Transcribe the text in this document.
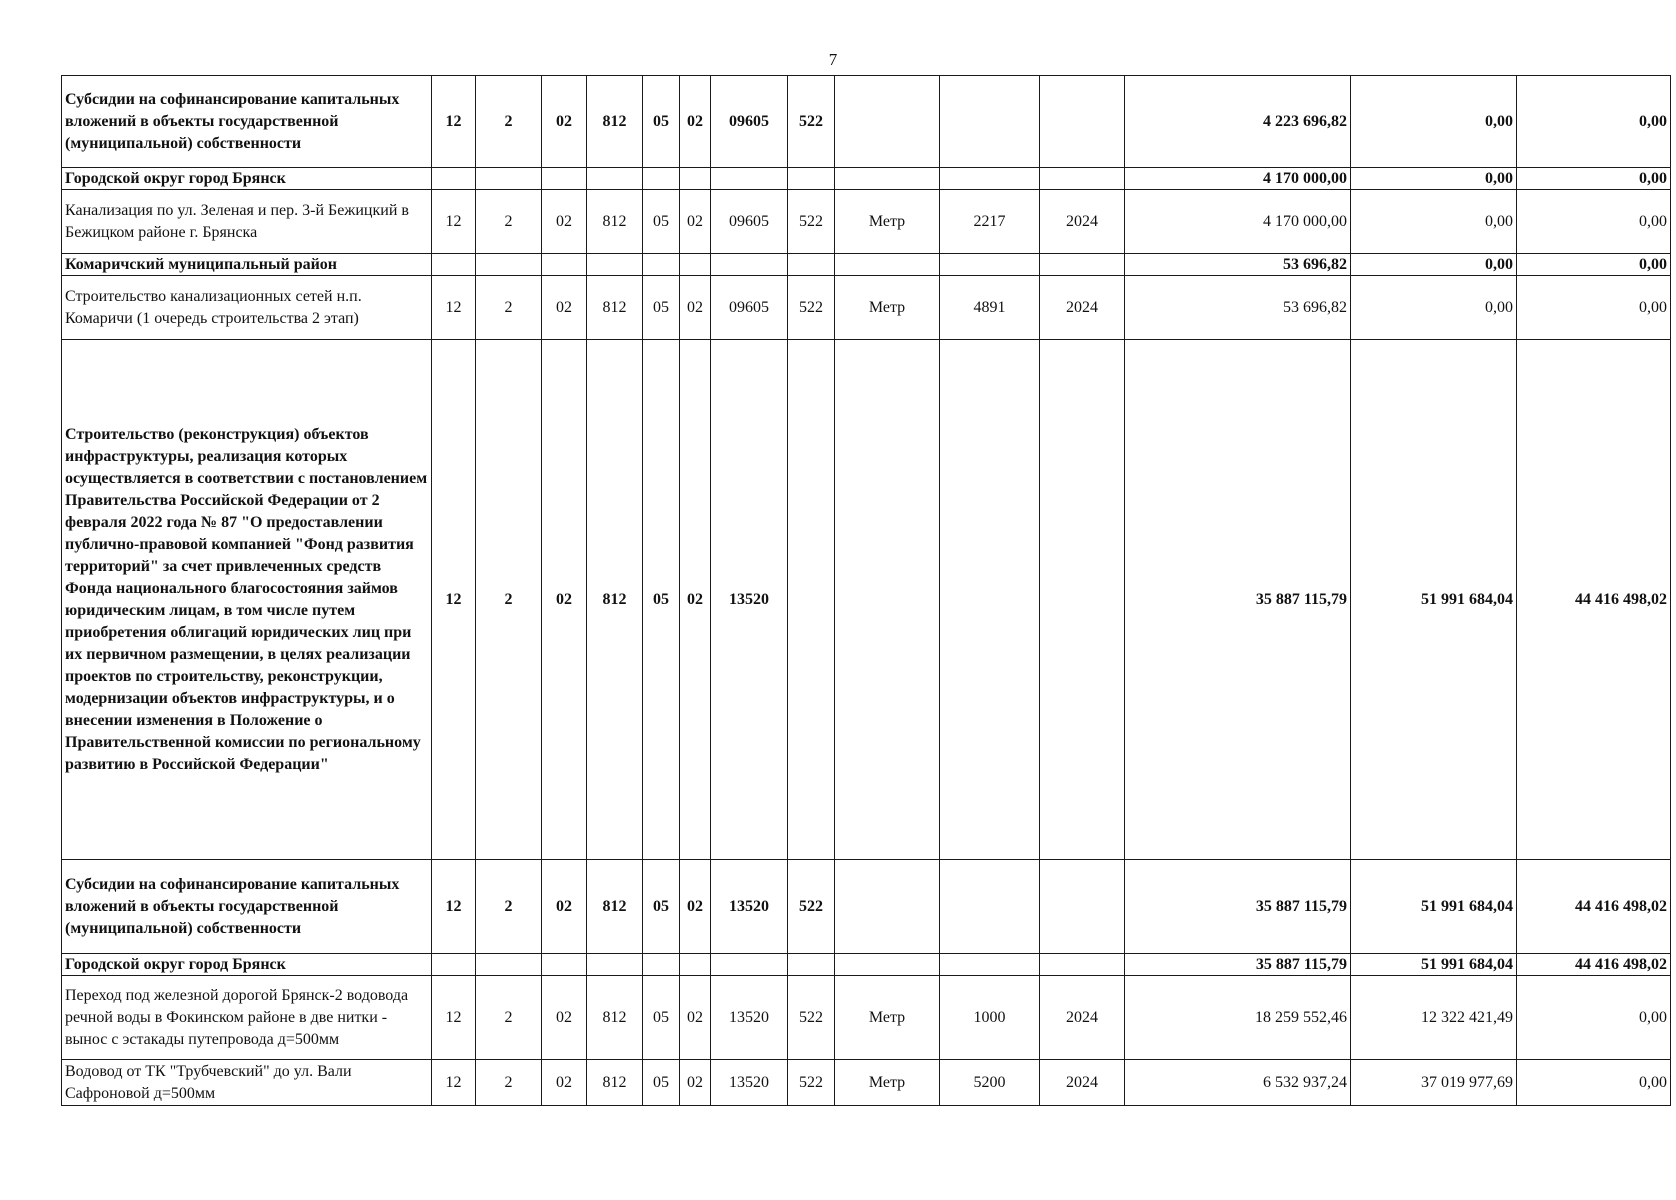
7
Субсидии на софинансирование капитальных вложений в объекты государственной (муниципальной) собственности	12	2	02	812	05	02	09605	522				4 223 696,82	0,00	0,00
Городской округ город Брянск												4 170 000,00	0,00	0,00
Канализация по ул. Зеленая и пер. 3-й Бежицкий в Бежицком районе г. Брянска	12	2	02	812	05	02	09605	522	Метр	2217	2024	4 170 000,00	0,00	0,00
Комаричский муниципальный район												53 696,82	0,00	0,00
Строительство канализационных сетей н.п. Комаричи (1 очередь строительства 2 этап)	12	2	02	812	05	02	09605	522	Метр	4891	2024	53 696,82	0,00	0,00
Строительство (реконструкция) объектов инфраструктуры, реализация которых осуществляется в соответствии с постановлением Правительства Российской Федерации от 2 февраля 2022 года № 87 "О предоставлении публично-правовой компанией "Фонд развития территорий" за счет привлеченных средств Фонда национального благосостояния займов юридическим лицам, в том числе путем приобретения облигаций юридических лиц при их первичном размещении, в целях реализации проектов по строительству, реконструкции, модернизации объектов инфраструктуры, и о внесении изменения в Положение о Правительственной комиссии по региональному развитию в Российской Федерации"	12	2	02	812	05	02	13520					35 887 115,79	51 991 684,04	44 416 498,02
Субсидии на софинансирование капитальных вложений в объекты государственной (муниципальной) собственности	12	2	02	812	05	02	13520	522				35 887 115,79	51 991 684,04	44 416 498,02
Городской округ город Брянск												35 887 115,79	51 991 684,04	44 416 498,02
Переход под железной дорогой Брянск-2 водовода речной воды в Фокинском районе в две нитки - вынос с эстакады путепровода д=500мм	12	2	02	812	05	02	13520	522	Метр	1000	2024	18 259 552,46	12 322 421,49	0,00
Водовод от ТК "Трубчевский" до ул. Вали Сафроновой д=500мм	12	2	02	812	05	02	13520	522	Метр	5200	2024	6 532 937,24	37 019 977,69	0,00
